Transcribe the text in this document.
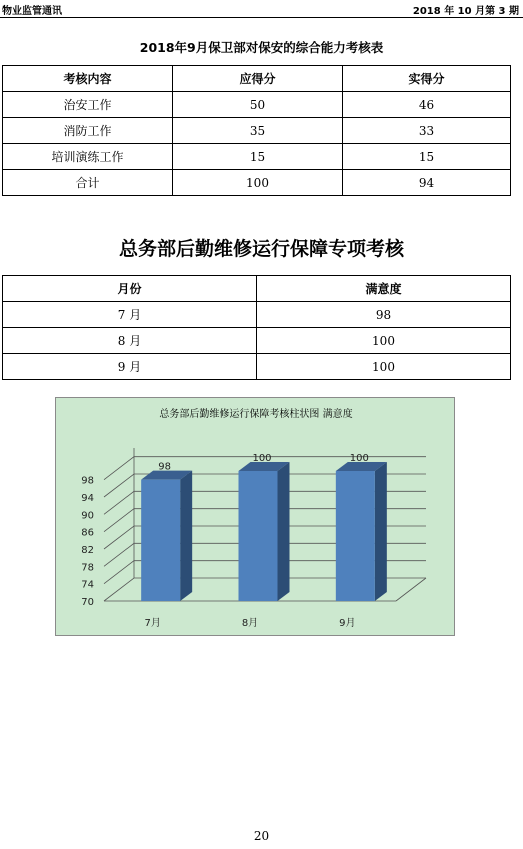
物业监管通讯	2018 年 10 月第 3 期
2018年9月保卫部对保安的综合能力考核表
考核内容	应得分	实得分
治安工作	50	46
消防工作	35	33
培训演练工作	15	15
合计	100	94
总务部后勤维修运行保障专项考核
月份	满意度
7 月	98
8 月	100
9 月	100
总务部后勤维修运行保障考核柱状图 满意度
70
74
78
82
86
90
94
98
98
100	100
7月	8月	9月
20
